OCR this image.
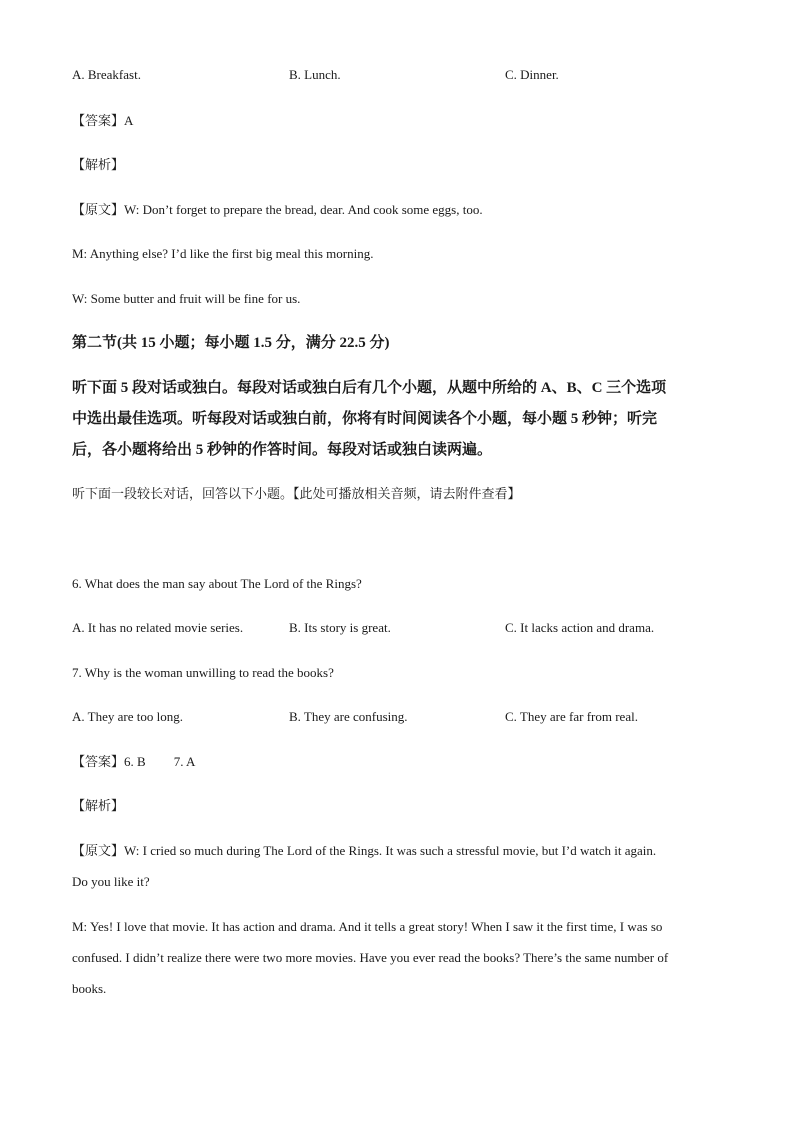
A. Breakfast.	B. Lunch.	C. Dinner.
【答案】A
【解析】
【原文】W: Don’t forget to prepare the bread, dear. And cook some eggs, too.
M: Anything else? I’d like the first big meal this morning.
W: Some butter and fruit will be fine for us.
第二节(共 15 小题；每小题 1.5 分，满分 22.5 分)
听下面 5 段对话或独白。每段对话或独白后有几个小题，从题中所给的 A、B、C 三个选项
中选出最佳选项。听每段对话或独白前，你将有时间阅读各个小题，每小题 5 秒钟；听完
后，各小题将给出 5 秒钟的作答时间。每段对话或独白读两遍。
听下面一段较长对话，回答以下小题。【此处可播放相关音频，请去附件查看】
6. What does the man say about The Lord of the Rings?
A. It has no related movie series.	B. Its story is great.	C. It lacks action and drama.
7. Why is the woman unwilling to read the books?
A. They are too long.	B. They are confusing.	C. They are far from real.
【答案】6. B 7. A
【解析】
【原文】W: I cried so much during The Lord of the Rings. It was such a stressful movie, but I’d watch it again.
Do you like it?
M: Yes! I love that movie. It has action and drama. And it tells a great story! When I saw it the first time, I was so
confused. I didn’t realize there were two more movies. Have you ever read the books? There’s the same number of
books.
